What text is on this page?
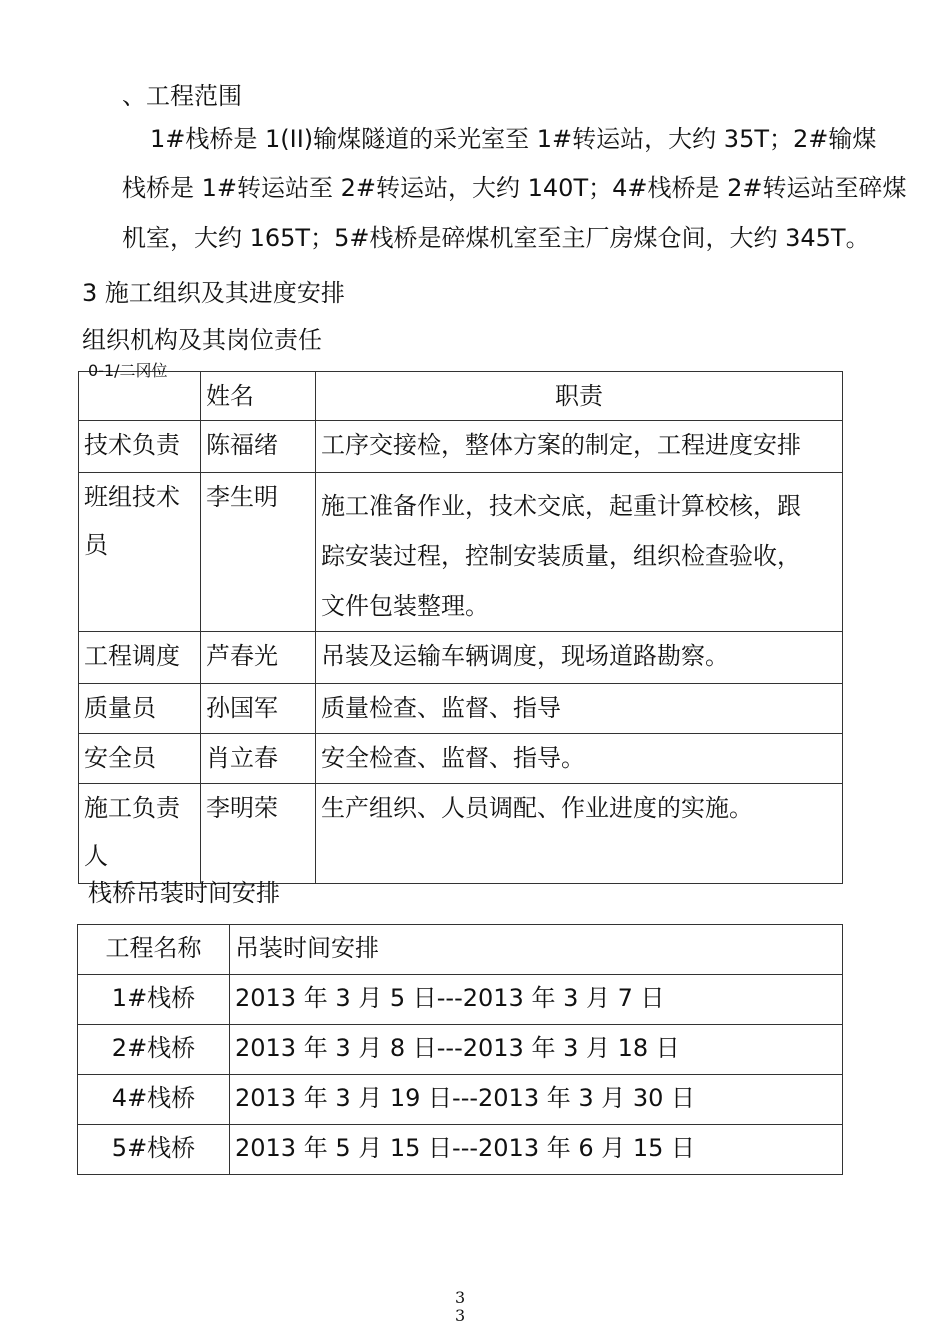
、工程范围
1#栈桥是 1(II)输煤隧道的采光室至 1#转运站，大约 35T；2#输煤
栈桥是 1#转运站至 2#转运站，大约 140T；4#栈桥是 2#转运站至碎煤
机室，大约 165T；5#栈桥是碎煤机室至主厂房煤仓间，大约 345T。
3 施工组织及其进度安排
组织机构及其岗位责任
0-1/二冈位	姓名	职责
技术负责	陈福绪	工序交接检，整体方案的制定，工程进度安排
班组技术员	李生明	施工准备作业，技术交底，起重计算校核，跟踪安装过程，控制安装质量，组织检查验收，文件包装整理。
工程调度	芦春光	吊装及运输车辆调度，现场道路勘察。
质量员	孙国军	质量检查、监督、指导
安全员	肖立春	安全检查、监督、指导。
施工负责人	李明荣	生产组织、人员调配、作业进度的实施。
栈桥吊装时间安排
工程名称	吊装时间安排
1#栈桥	2013 年 3 月 5 日---2013 年 3 月 7 日
2#栈桥	2013 年 3 月 8 日---2013 年 3 月 18 日
4#栈桥	2013 年 3 月 19 日---2013 年 3 月 30 日
5#栈桥	2013 年 5 月 15 日---2013 年 6 月 15 日
3
3
